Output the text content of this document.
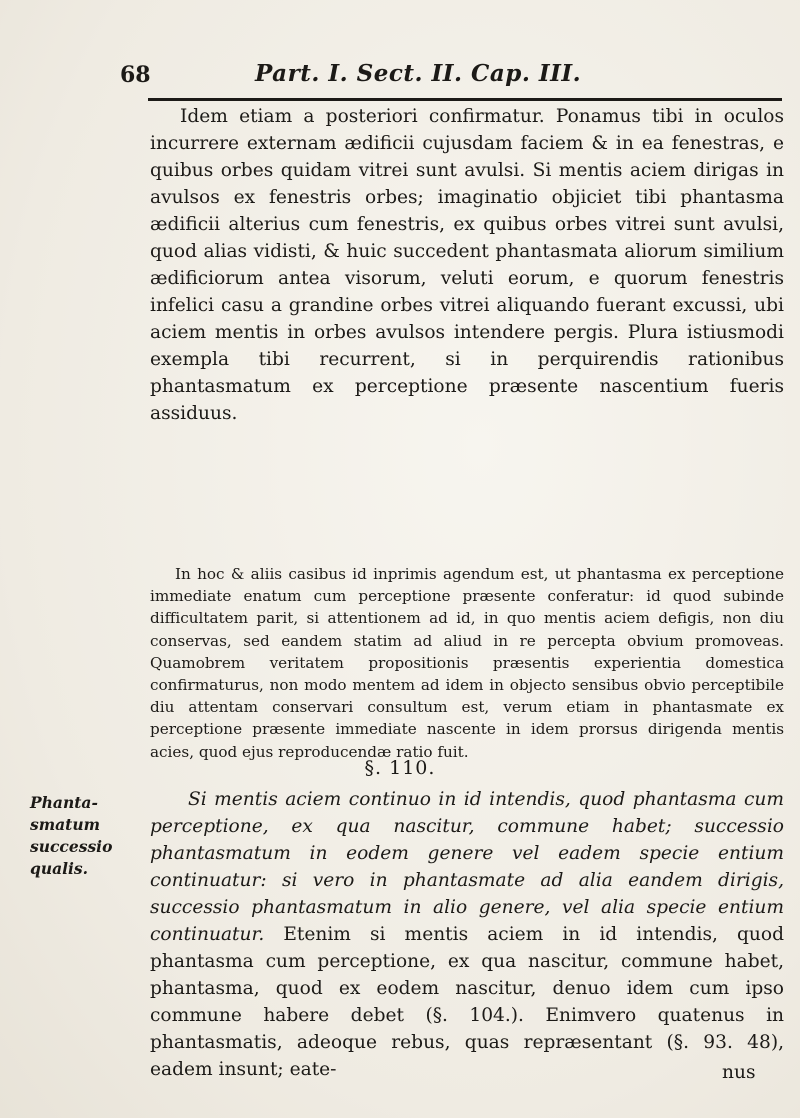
68	Part. I. Sect. II. Cap. III.

Idem etiam a posteriori confirmatur. Ponamus tibi in oculos incurrere externam ædificii cujusdam faciem & in ea fenestras, e quibus orbes quidam vitrei sunt avulsi. Si mentis aciem dirigas in avulsos ex fenestris orbes; imaginatio objiciet tibi phantasma ædificii alterius cum fenestris, ex quibus orbes vitrei sunt avulsi, quod alias vidisti, & huic succedent phantasmata aliorum similium ædificiorum antea visorum, veluti eorum, e quorum fenestris infelici casu a grandine orbes vitrei aliquando fuerant excussi, ubi aciem mentis in orbes avulsos intendere pergis. Plura istiusmodi exempla tibi recurrent, si in perquirendis rationibus phantasmatum ex perceptione præsente nascentium fueris assiduus.

In hoc & aliis casibus id inprimis agendum est, ut phantasma ex perceptione immediate enatum cum perceptione præsente conferatur: id quod subinde difficultatem parit, si attentionem ad id, in quo mentis aciem defigis, non diu conservas, sed eandem statim ad aliud in re percepta obvium promoveas. Quamobrem veritatem propositionis præsentis experientia domestica confirmaturus, non modo mentem ad idem in objecto sensibus obvio perceptibile diu attentam conservari consultum est, verum etiam in phantasmate ex perceptione præsente immediate nascente in idem prorsus dirigenda mentis acies, quod ejus reproducendæ ratio fuit.

§. 110.
Phanta-
smatum
successio
qualis.

Si mentis aciem continuo in id intendis, quod phantasma cum perceptione, ex qua nascitur, commune habet; successio phantasmatum in eodem genere vel eadem specie entium continuatur: si vero in phantasmate ad alia eandem dirigis, successio phantasmatum in alio genere, vel alia specie entium continuatur. Etenim si mentis aciem in id intendis, quod phantasma cum perceptione, ex qua nascitur, commune habet, phantasma, quod ex eodem nascitur, denuo idem cum ipso commune habere debet (§. 104.). Enimvero quatenus in phantasmatis, adeoque rebus, quas repræsentant (§. 93. 48), eadem insunt; eate-	nus
